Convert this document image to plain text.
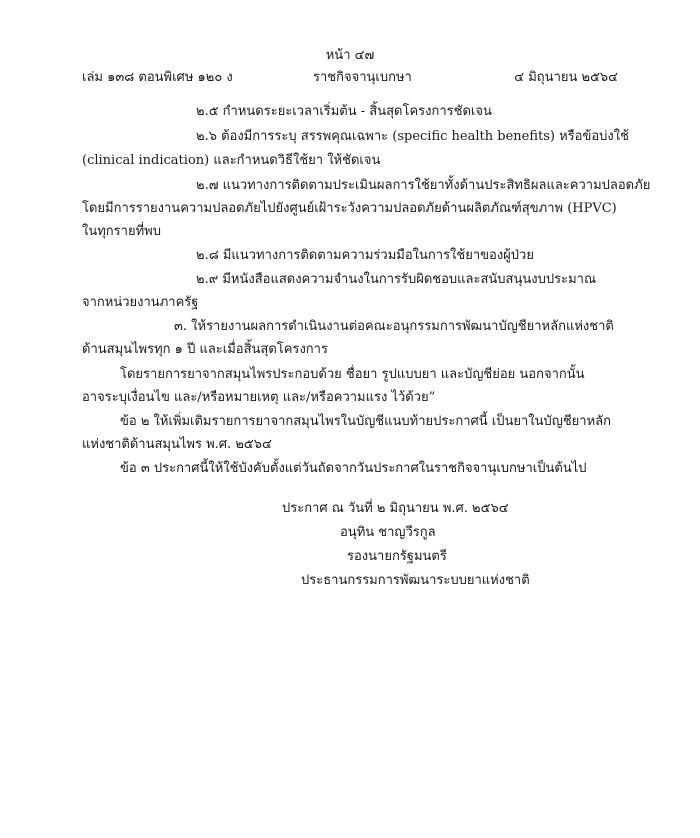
หน้า ๔๗
เล่ม ๑๓๘ ตอนพิเศษ ๑๒๐ ง	ราชกิจจานุเบกษา	๔ มิถุนายน ๒๕๖๔
๒.๕ กำหนดระยะเวลาเริ่มต้น - สิ้นสุดโครงการชัดเจน
๒.๖ ต้องมีการระบุ สรรพคุณเฉพาะ (specific health benefits) หรือข้อบ่งใช้
(clinical indication) และกำหนดวิธีใช้ยา ให้ชัดเจน
๒.๗ แนวทางการติดตามประเมินผลการใช้ยาทั้งด้านประสิทธิผลและความปลอดภัย
โดยมีการรายงานความปลอดภัยไปยังศูนย์เฝ้าระวังความปลอดภัยด้านผลิตภัณฑ์สุขภาพ (HPVC)
ในทุกรายที่พบ
๒.๘ มีแนวทางการติดตามความร่วมมือในการใช้ยาของผู้ป่วย
๒.๙ มีหนังสือแสดงความจำนงในการรับผิดชอบและสนับสนุนงบประมาณ
จากหน่วยงานภาครัฐ
๓. ให้รายงานผลการดำเนินงานต่อคณะอนุกรรมการพัฒนาบัญชียาหลักแห่งชาติ
ด้านสมุนไพรทุก ๑ ปี และเมื่อสิ้นสุดโครงการ
โดยรายการยาจากสมุนไพรประกอบด้วย ชื่อยา รูปแบบยา และบัญชีย่อย นอกจากนั้น
อาจระบุเงื่อนไข และ/หรือหมายเหตุ และ/หรือความแรง ไว้ด้วย”
ข้อ ๒ ให้เพิ่มเติมรายการยาจากสมุนไพรในบัญชีแนบท้ายประกาศนี้ เป็นยาในบัญชียาหลัก
แห่งชาติด้านสมุนไพร พ.ศ. ๒๕๖๔
ข้อ ๓ ประกาศนี้ให้ใช้บังคับตั้งแต่วันถัดจากวันประกาศในราชกิจจานุเบกษาเป็นต้นไป
ประกาศ ณ วันที่ ๒ มิถุนายน พ.ศ. ๒๕๖๔
อนุทิน ชาญวีรกูล
รองนายกรัฐมนตรี
ประธานกรรมการพัฒนาระบบยาแห่งชาติ
